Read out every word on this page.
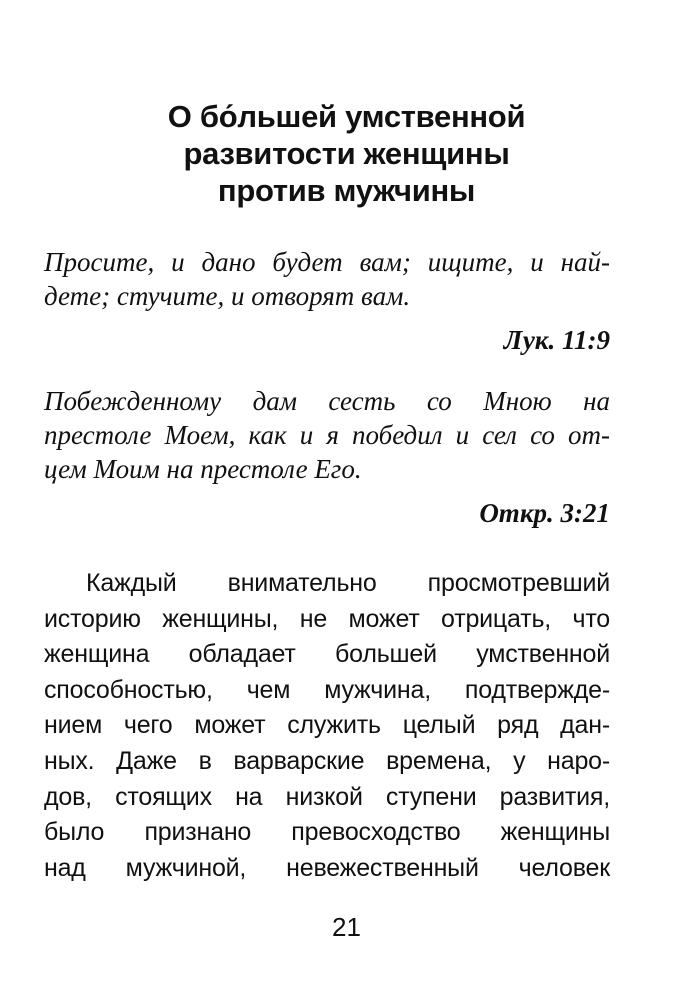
О бо́льшей умственной
развитости женщины
против мужчины
Просите, и дано будет вам; ищите, и най-
дете; стучите, и отворят вам.
Лук. 11:9
Побежденному дам сесть со Мною на
престоле Моем, как и я победил и сел со от-
цем Моим на престоле Его.
Откр. 3:21
Каждый внимательно просмотревший
историю женщины, не может отрицать, что
женщина обладает большей умственной
способностью, чем мужчина, подтвержде-
нием чего может служить целый ряд дан-
ных. Даже в варварские времена, у наро-
дов, стоящих на низкой ступени развития,
было признано превосходство женщины
над мужчиной, невежественный человек
21
